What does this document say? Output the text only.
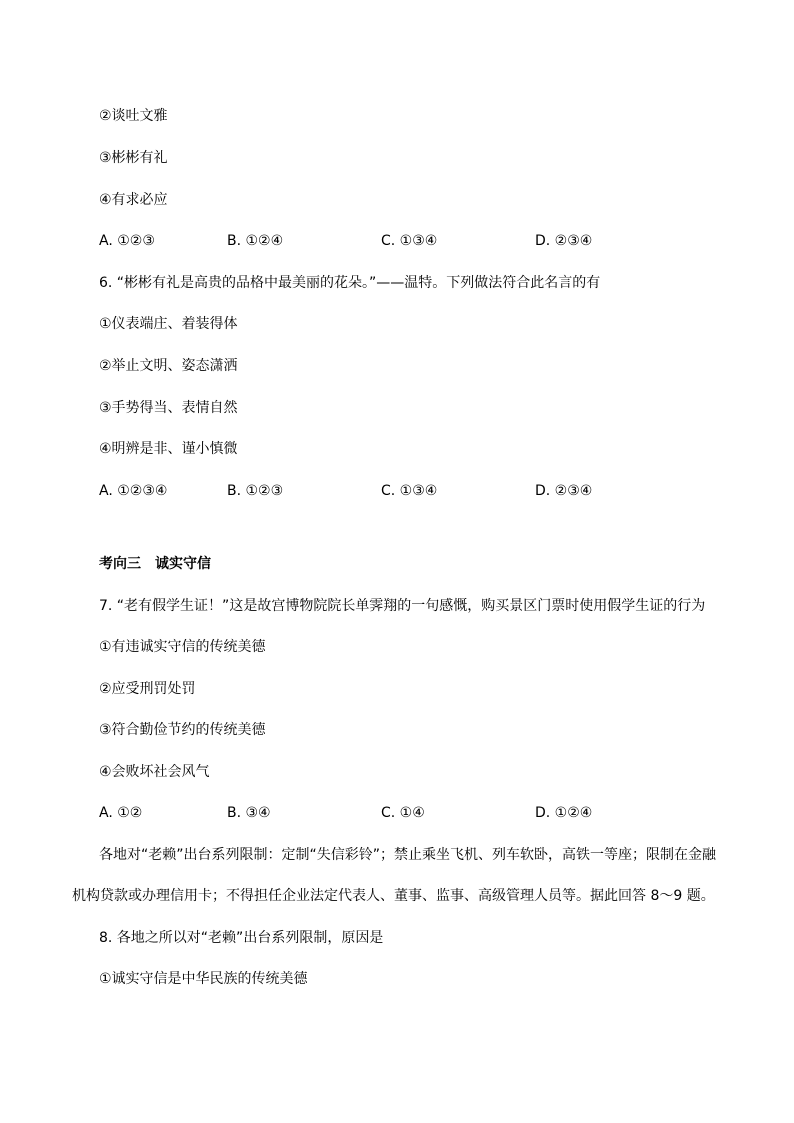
②谈吐文雅
③彬彬有礼
④有求必应
A. ①②③	B. ①②④	C. ①③④	D. ②③④
6. “彬彬有礼是高贵的品格中最美丽的花朵。”——温特。下列做法符合此名言的有
①仪表端庄、着装得体
②举止文明、姿态潇洒
③手势得当、表情自然
④明辨是非、谨小慎微
A. ①②③④	B. ①②③	C. ①③④	D. ②③④
考向三　诚实守信
7. “老有假学生证！”这是故宫博物院院长单霁翔的一句感慨，购买景区门票时使用假学生证的行为
①有违诚实守信的传统美德
②应受刑罚处罚
③符合勤俭节约的传统美德
④会败坏社会风气
A. ①②	B. ③④	C. ①④	D. ①②④
各地对“老赖”出台系列限制：定制“失信彩铃”；禁止乘坐飞机、列车软卧，高铁一等座；限制在金融
机构贷款或办理信用卡；不得担任企业法定代表人、董事、监事、高级管理人员等。据此回答 8～9 题。
8. 各地之所以对“老赖”出台系列限制，原因是
①诚实守信是中华民族的传统美德
